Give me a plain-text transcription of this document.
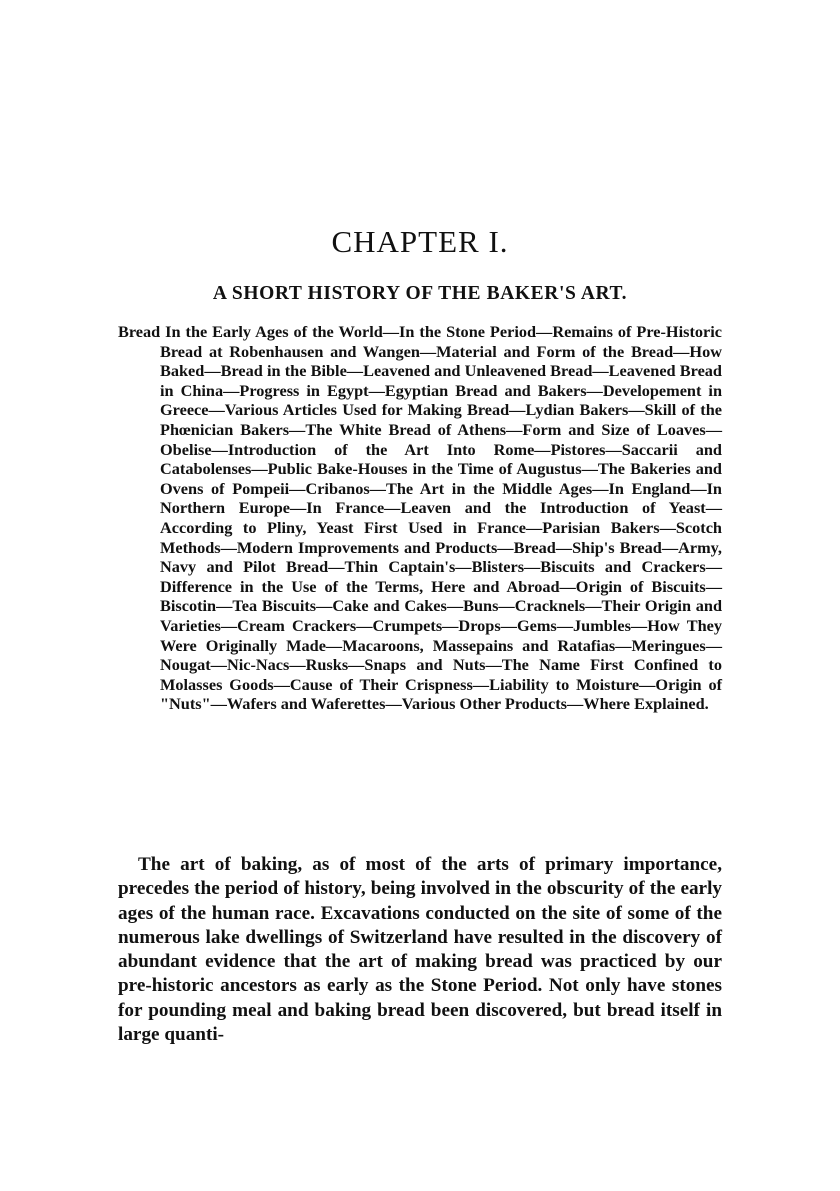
CHAPTER I.
A SHORT HISTORY OF THE BAKER'S ART.

Bread In the Early Ages of the World—In the Stone Period—Remains of Pre-Historic Bread at Robenhausen and Wangen—Material and Form of the Bread—How Baked—Bread in the Bible—Leavened and Unleavened Bread—Leavened Bread in China—Progress in Egypt—Egyptian Bread and Bakers—Developement in Greece—Various Articles Used for Making Bread—Lydian Bakers—Skill of the Phœnician Bakers—The White Bread of Athens—Form and Size of Loaves—Obelise—Introduction of the Art Into Rome—Pistores—Saccarii and Catabolenses—Public Bake-Houses in the Time of Augustus—The Bakeries and Ovens of Pompeii—Cribanos—The Art in the Middle Ages—In England—In Northern Europe—In France—Leaven and the Introduction of Yeast—According to Pliny, Yeast First Used in France—Parisian Bakers—Scotch Methods—Modern Improvements and Products—Bread—Ship's Bread—Army, Navy and Pilot Bread—Thin Captain's—Blisters—Biscuits and Crackers—Difference in the Use of the Terms, Here and Abroad—Origin of Biscuits—Biscotin—Tea Biscuits—Cake and Cakes—Buns—Cracknels—Their Origin and Varieties—Cream Crackers—Crumpets—Drops—Gems—Jumbles—How They Were Originally Made—Macaroons, Massepains and Ratafias—Meringues—Nougat—Nic-Nacs—Rusks—Snaps and Nuts—The Name First Confined to Molasses Goods—Cause of Their Crispness—Liability to Moisture—Origin of "Nuts"—Wafers and Waferettes—Various Other Products—Where Explained.

The art of baking, as of most of the arts of primary importance, precedes the period of history, being involved in the obscurity of the early ages of the human race. Excavations conducted on the site of some of the numerous lake dwellings of Switzerland have resulted in the discovery of abundant evidence that the art of making bread was practiced by our pre-historic ancestors as early as the Stone Period. Not only have stones for pounding meal and baking bread been discovered, but bread itself in large quanti-
